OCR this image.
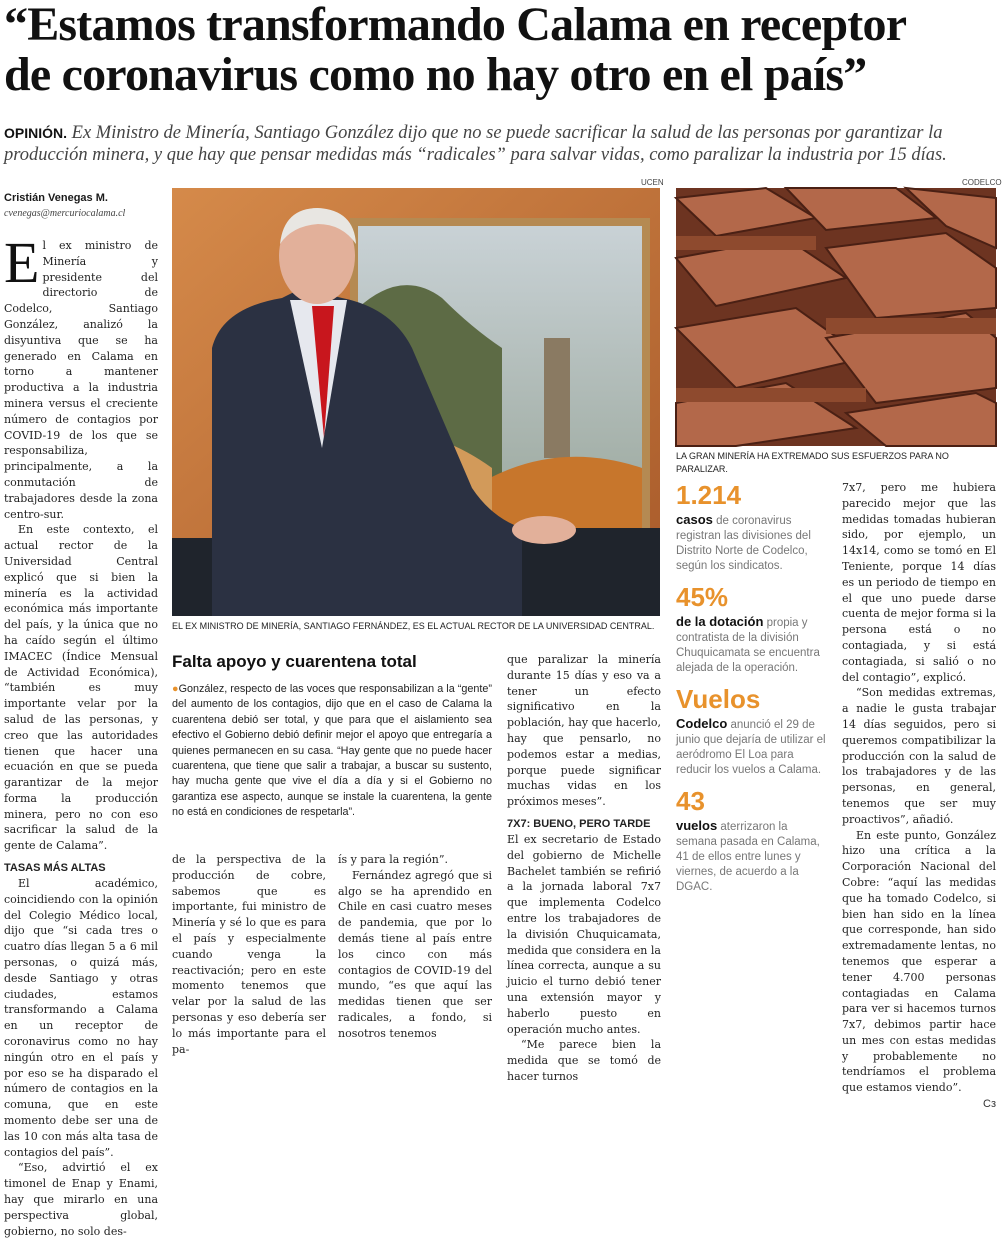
“Estamos transformando Calama en receptor
de coronavirus como no hay otro en el país”
OPINIÓN. Ex Ministro de Minería, Santiago González dijo que no se puede sacrificar la salud de las personas por garantizar la producción minera, y que hay que pensar medidas más “radicales” para salvar vidas, como paralizar la industria por 15 días.
Cristián Venegas M.
cvenegas@mercuriocalama.cl

El ex ministro de Minería y presidente del directorio de Codelco, Santiago González, analizó la disyuntiva que se ha generado en Calama en torno a mantener productiva a la industria minera versus el creciente número de contagios por COVID-19 de los que se responsabiliza, principalmente, a la conmutación de trabajadores desde la zona centro-sur.

En este contexto, el actual rector de la Universidad Central explicó que si bien la minería es la actividad económica más importante del país, y la única que no ha caído según el último IMACEC (Índice Mensual de Actividad Económica), “también es muy importante velar por la salud de las personas, y creo que las autoridades tienen que hacer una ecuación en que se pueda garantizar de la mejor forma la producción minera, pero no con eso sacrificar la salud de la gente de Calama”.

TASAS MÁS ALTAS

El académico, coincidiendo con la opinión del Colegio Médico local, dijo que “si cada tres o cuatro días llegan 5 a 6 mil personas, o quizá más, desde Santiago y otras ciudades, estamos transformando a Calama en un receptor de coronavirus como no hay ningún otro en el país y por eso se ha disparado el número de contagios en la comuna, que en este momento debe ser una de las 10 con más alta tasa de contagios del país”.

“Eso, advirtió el ex timonel de Enap y Enami, hay que mirarlo en una perspectiva global, gobierno, no solo des-

UCEN
EL EX MINISTRO DE MINERÍA, SANTIAGO FERNÁNDEZ, ES EL ACTUAL RECTOR DE LA UNIVERSIDAD CENTRAL.
CODELCO
LA GRAN MINERÍA HA EXTREMADO SUS ESFUERZOS PARA NO PARALIZAR.
Falta apoyo y cuarentena total

●González, respecto de las voces que responsabilizan a la “gente” del aumento de los contagios, dijo que en el caso de Calama la cuarentena debió ser total, y que para que el aislamiento sea efectivo el Gobierno debió definir mejor el apoyo que entregaría a quienes permanecen en su casa. “Hay gente que no puede hacer cuarentena, que tiene que salir a trabajar, a buscar su sustento, hay mucha gente que vive el día a día y si el Gobierno no garantiza ese aspecto, aunque se instale la cuarentena, la gente no está en condiciones de respetarla”.

de la perspectiva de la producción de cobre, sabemos que es importante, fui ministro de Minería y sé lo que es para el país y especialmente cuando venga la reactivación; pero en este momento tenemos que velar por la salud de las personas y eso debería ser lo más importante para el pa-

ís y para la región”.

Fernández agregó que si algo se ha aprendido en Chile en casi cuatro meses de pandemia, que por lo demás tiene al país entre los cinco con más contagios de COVID-19 del mundo, “es que aquí las medidas tienen que ser radicales, a fondo, si nosotros tenemos

que paralizar la minería durante 15 días y eso va a tener un efecto significativo en la población, hay que hacerlo, hay que pensarlo, no podemos estar a medias, porque puede significar muchas vidas en los próximos meses”.

7X7: BUENO, PERO TARDE

El ex secretario de Estado del gobierno de Michelle Bachelet también se refirió a la jornada laboral 7x7 que implementa Codelco entre los trabajadores de la división Chuquicamata, medida que considera en la línea correcta, aunque a su juicio el turno debió tener una extensión mayor y haberlo puesto en operación mucho antes.

“Me parece bien la medida que se tomó de hacer turnos

1.214
casos de coronavirus registran las divisiones del Distrito Norte de Codelco, según los sindicatos.
45%
de la dotación propia y contratista de la división Chuquicamata se encuentra alejada de la operación.
Vuelos
Codelco anunció el 29 de junio que dejaría de utilizar el aeródromo El Loa para reducir los vuelos a Calama.
43
vuelos aterrizaron la semana pasada en Calama, 41 de ellos entre lunes y viernes, de acuerdo a la DGAC.

7x7, pero me hubiera parecido mejor que las medidas tomadas hubieran sido, por ejemplo, un 14x14, como se tomó en El Teniente, porque 14 días es un periodo de tiempo en el que uno puede darse cuenta de mejor forma si la persona está o no contagiada, y si está contagiada, si salió o no del contagio”, explicó.

“Son medidas extremas, a nadie le gusta trabajar 14 días seguidos, pero si queremos compatibilizar la producción con la salud de los trabajadores y de las personas, en general, tenemos que ser muy proactivos”, añadió.

En este punto, González hizo una crítica a la Corporación Nacional del Cobre: “aquí las medidas que ha tomado Codelco, si bien han sido en la línea que corresponde, han sido extremadamente lentas, no tenemos que esperar a tener 4.700 personas contagiadas en Calama para ver si hacemos turnos 7x7, debimos partir hace un mes con estas medidas y probablemente no tendríamos el problema que estamos viendo”.

Cз
